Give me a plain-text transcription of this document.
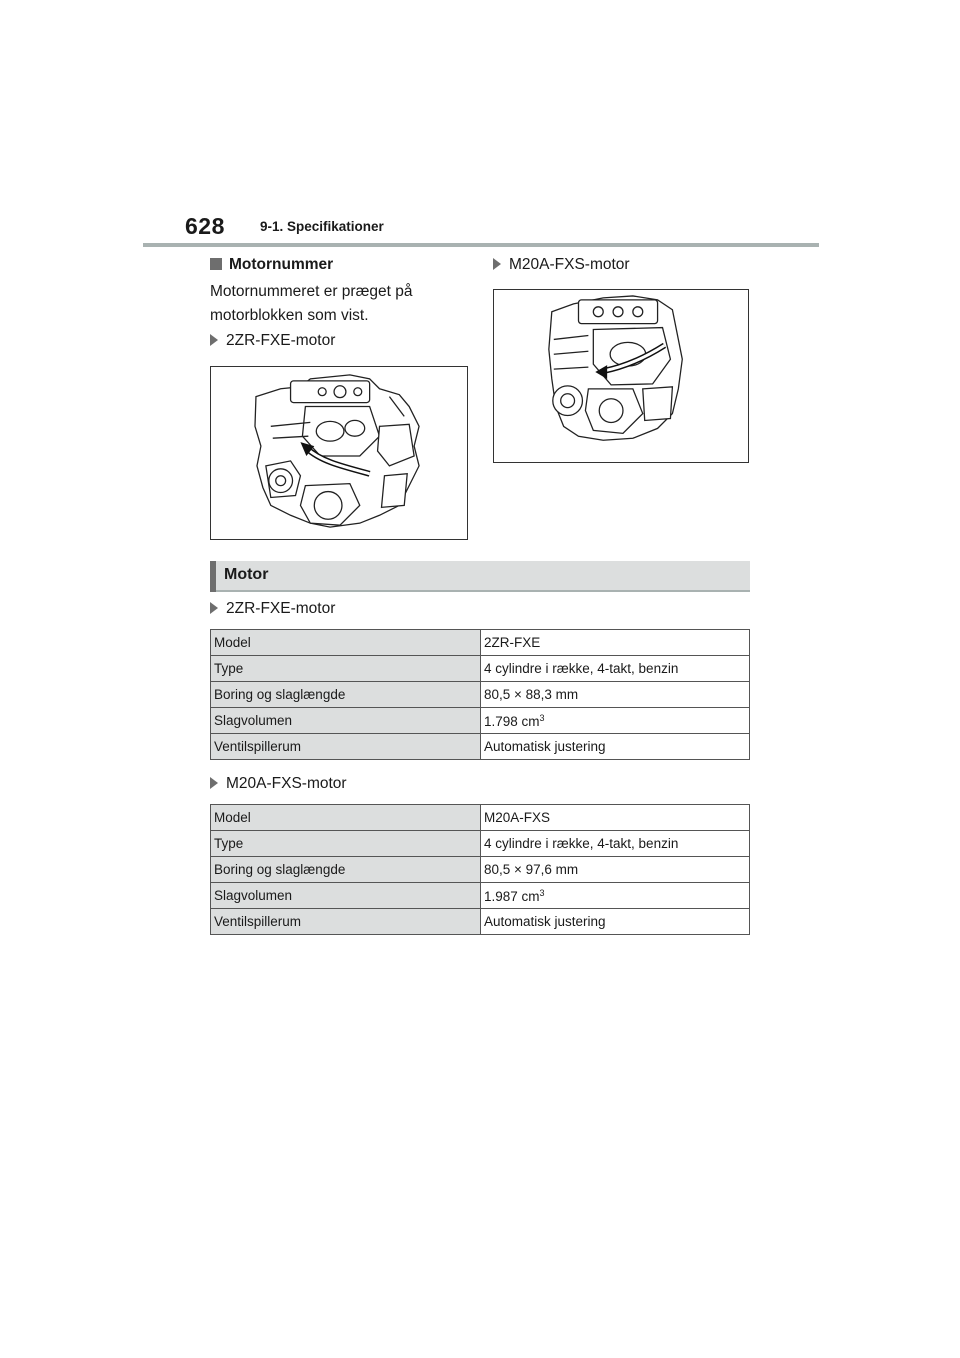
628	9-1. Specifikationer
Motornummer
Motornummeret er præget på
motorblokken som vist.
2ZR-FXE-motor
M20A-FXS-motor
Motor
2ZR-FXE-motor
Model	2ZR-FXE
Type	4 cylindre i række, 4-takt, benzin
Boring og slaglængde	80,5 × 88,3 mm
Slagvolumen	1.798 $cm^3$
Ventilspillerum	Automatisk justering
M20A-FXS-motor
Model	M20A-FXS
Type	4 cylindre i række, 4-takt, benzin
Boring og slaglængde	80,5 × 97,6 mm
Slagvolumen	1.987 $cm^3$
Ventilspillerum	Automatisk justering
